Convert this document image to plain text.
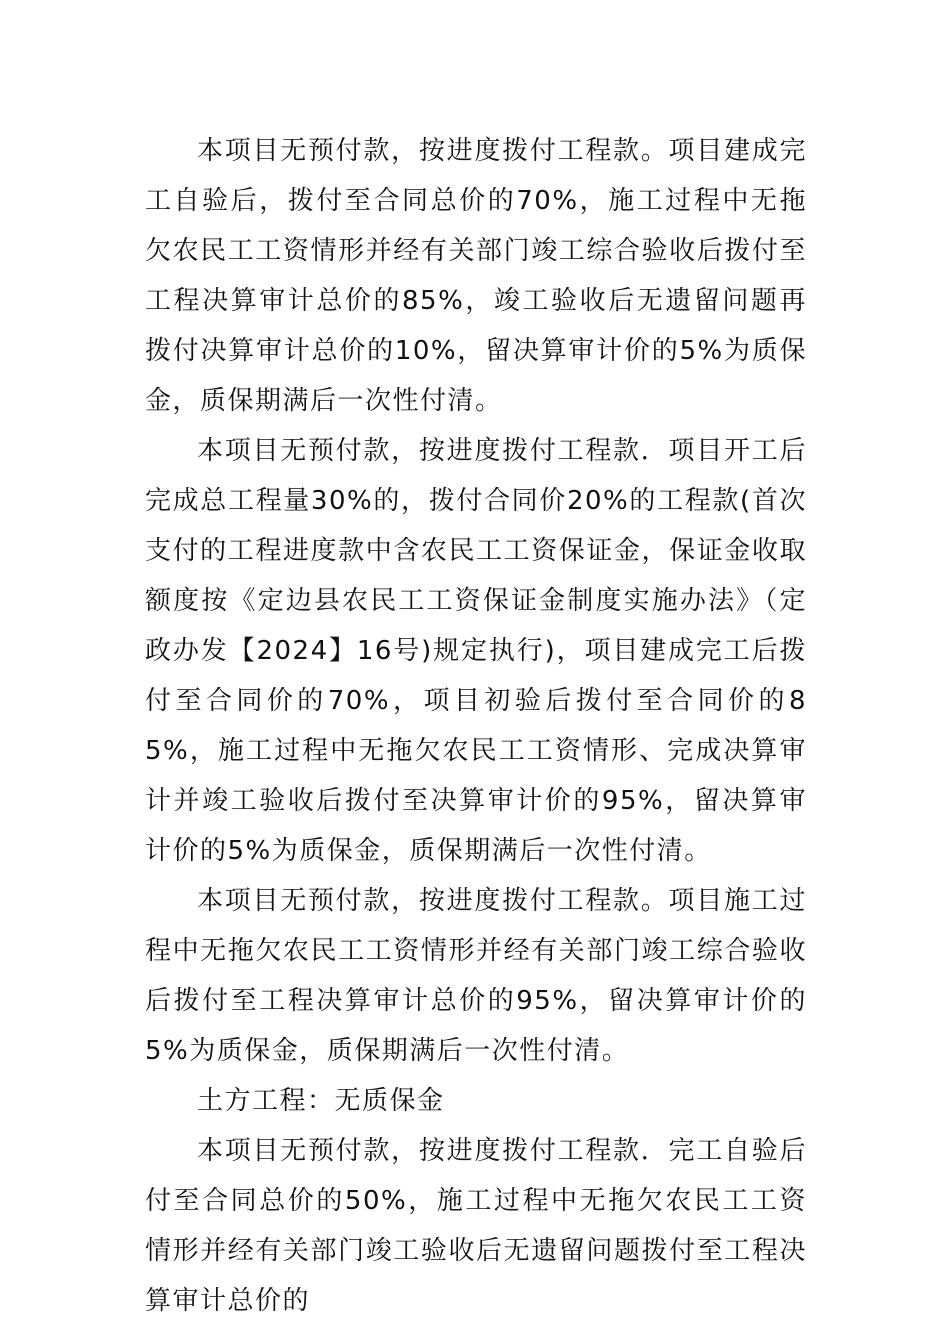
本项目无预付款，按进度拨付工程款。项目建成完工自验后，拨付至合同总价的70%，施工过程中无拖欠农民工工资情形并经有关部门竣工综合验收后拨付至工程决算审计总价的85%，竣工验收后无遗留问题再拨付决算审计总价的10%，留决算审计价的5%为质保金，质保期满后一次性付清。

本项目无预付款，按进度拨付工程款．项目开工后完成总工程量30%的，拨付合同价20%的工程款(首次支付的工程进度款中含农民工工资保证金，保证金收取额度按《定边县农民工工资保证金制度实施办法》（定政办发【2024】16号)规定执行)，项目建成完工后拨付至合同价的70%，项目初验后拨付至合同价的85%，施工过程中无拖欠农民工工资情形、完成决算审计并竣工验收后拨付至决算审计价的95%，留决算审计价的5%为质保金，质保期满后一次性付清。

本项目无预付款，按进度拨付工程款。项目施工过程中无拖欠农民工工资情形并经有关部门竣工综合验收后拨付至工程决算审计总价的95%，留决算审计价的5%为质保金，质保期满后一次性付清。

土方工程：无质保金

本项目无预付款，按进度拨付工程款．完工自验后付至合同总价的50%，施工过程中无拖欠农民工工资情形并经有关部门竣工验收后无遗留问题拨付至工程决算审计总价的
